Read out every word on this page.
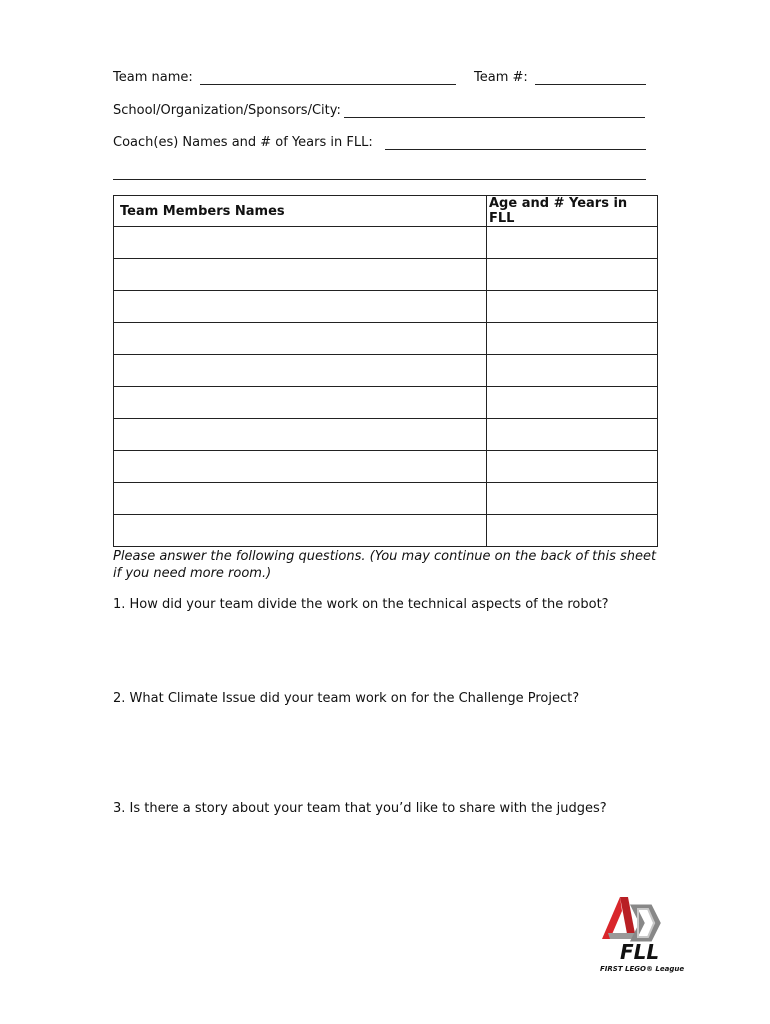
Team name:	Team #:
School/Organization/Sponsors/City:
Coach(es) Names and # of Years in FLL:
Team Members Names	Age and # Years in FLL

Please answer the following questions. (You may continue on the back of this sheet if you need more room.)
1. How did your team divide the work on the technical aspects of the robot?
2. What Climate Issue did your team work on for the Challenge Project?
3. Is there a story about your team that you’d like to share with the judges?
FLL
FIRST LEGO® League
